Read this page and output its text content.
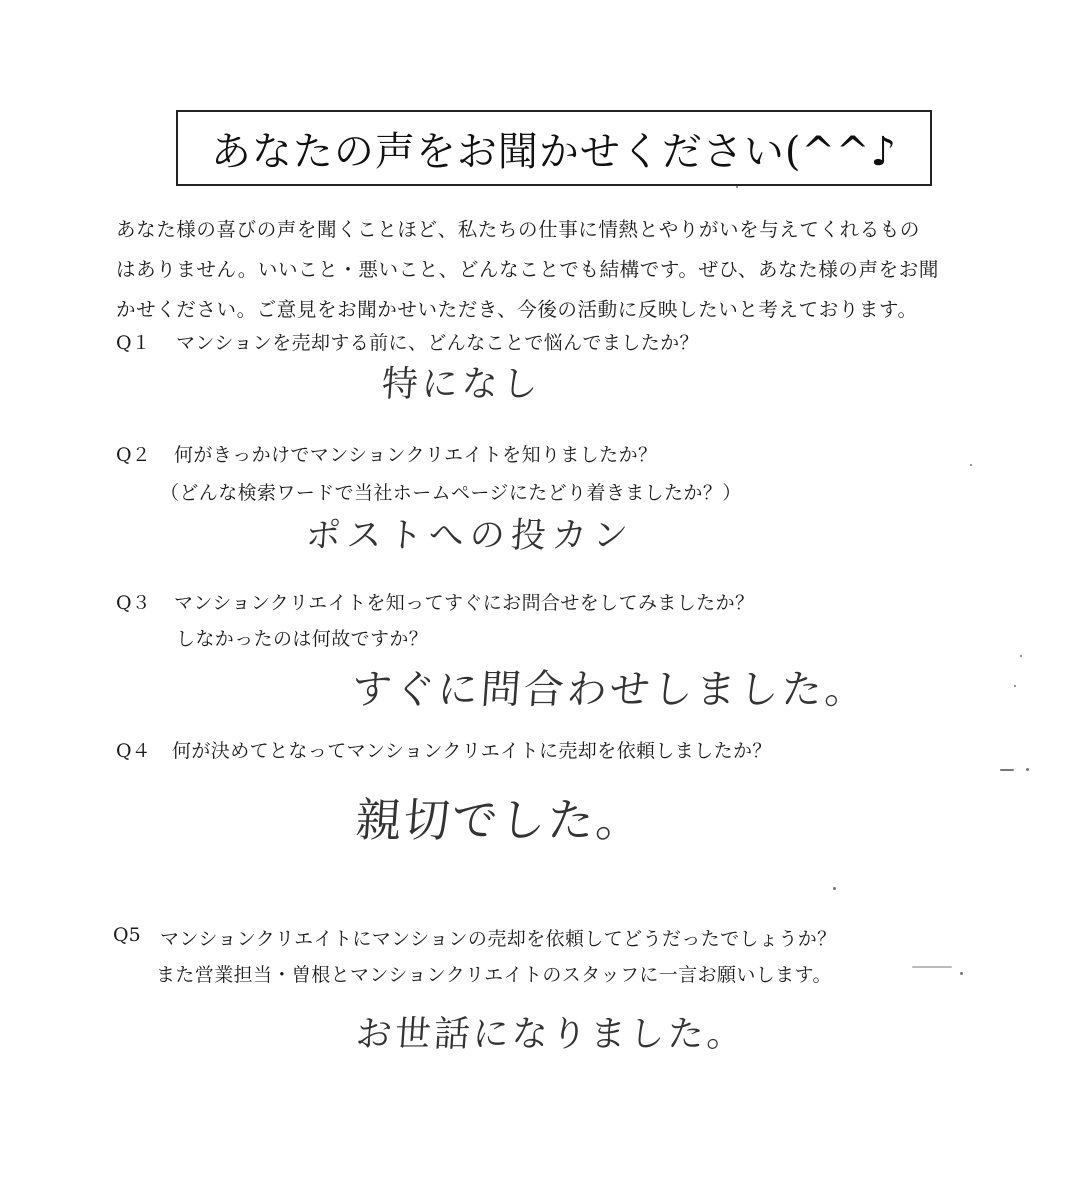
あなたの声をお聞かせください(^^♪
あなた様の喜びの声を聞くことほど、私たちの仕事に情熱とやりがいを与えてくれるもの
はありません。いいこと・悪いこと、どんなことでも結構です。ぜひ、あなた様の声をお聞
かせください。ご意見をお聞かせいただき、今後の活動に反映したいと考えております。
Q１ マンションを売却する前に、どんなことで悩んでましたか？
特になし
Q２ 何がきっかけでマンションクリエイトを知りましたか？
（どんな検索ワードで当社ホームページにたどり着きましたか？）
ポストへの投カン
Q３ マンションクリエイトを知ってすぐにお問合せをしてみましたか？
しなかったのは何故ですか？
すぐに問合わせしました。
Q４ 何が決めてとなってマンションクリエイトに売却を依頼しましたか？
親切でした。
Q5 マンションクリエイトにマンションの売却を依頼してどうだったでしょうか？
また営業担当・曽根とマンションクリエイトのスタッフに一言お願いします。
お世話になりました。
